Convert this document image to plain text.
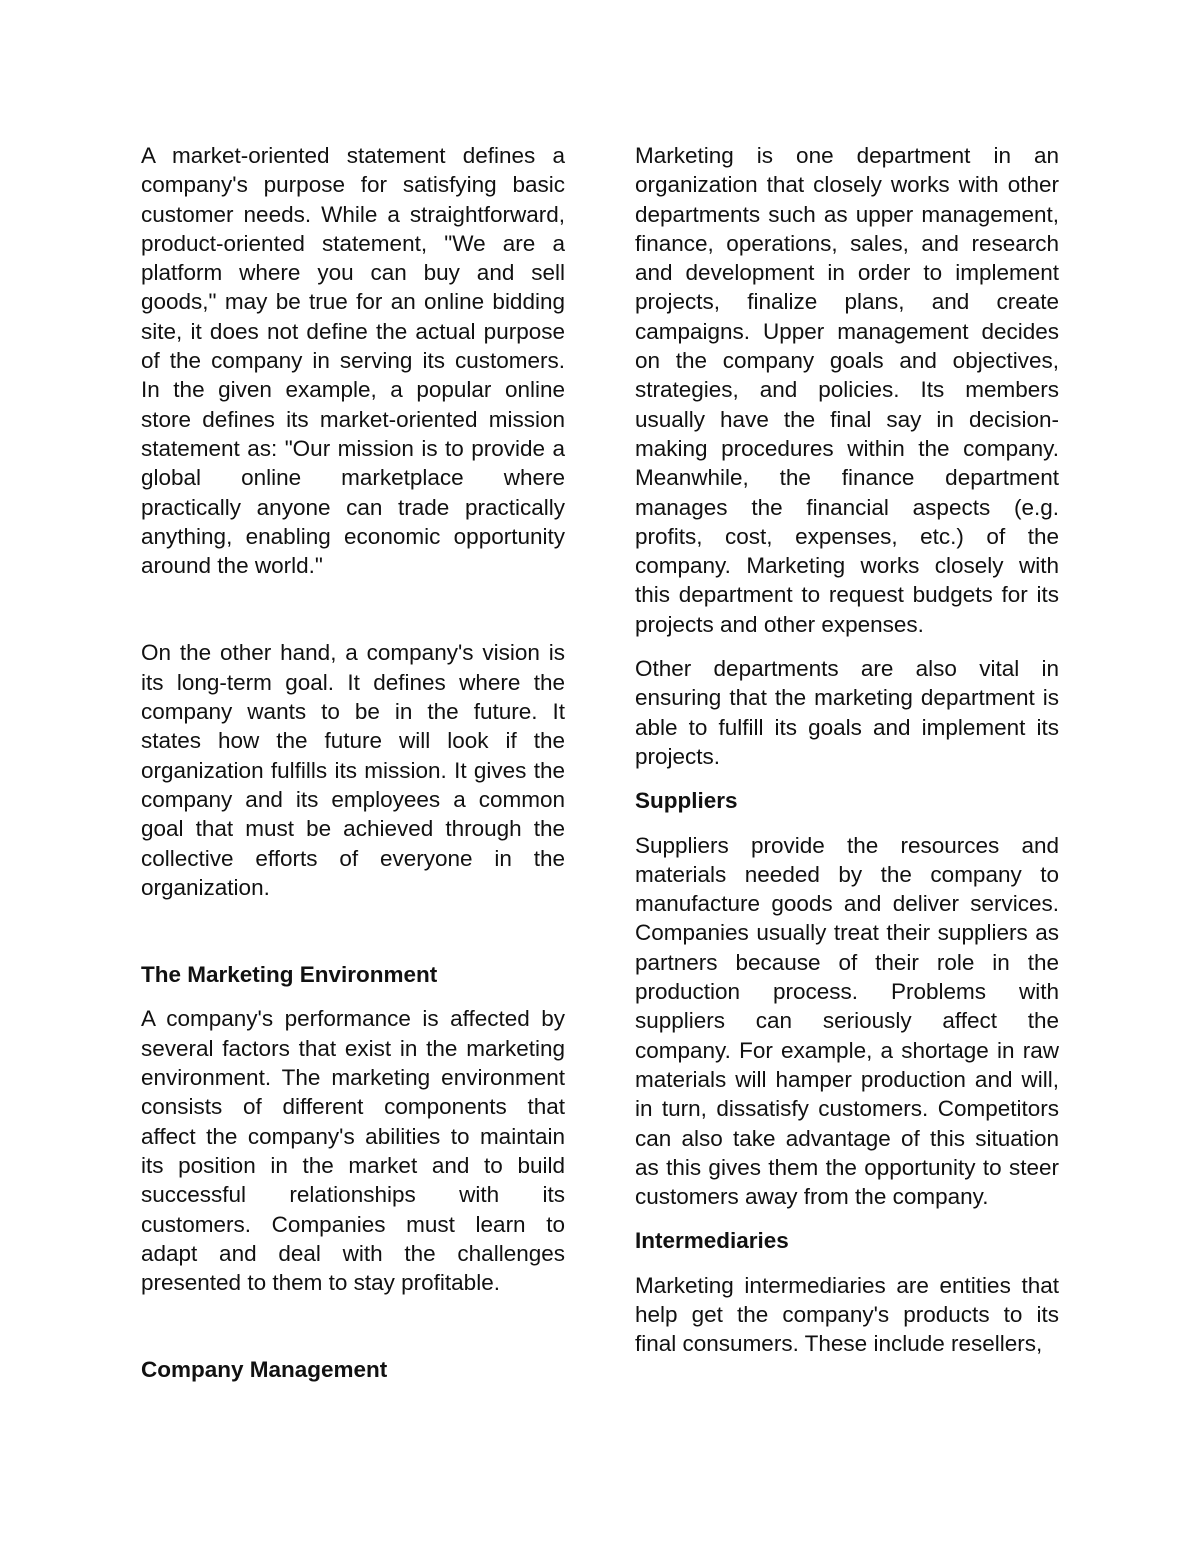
A market-oriented statement defines a company's purpose for satisfying basic customer needs. While a straightforward, product-oriented statement, "We are a platform where you can buy and sell goods," may be true for an online bidding site, it does not define the actual purpose of the company in serving its customers. In the given example, a popular online store defines its market-oriented mission statement as: "Our mission is to provide a global online marketplace where practically anyone can trade practically anything, enabling economic opportunity around the world."

On the other hand, a company's vision is its long-term goal. It defines where the company wants to be in the future. It states how the future will look if the organization fulfills its mission. It gives the company and its employees a common goal that must be achieved through the collective efforts of everyone in the organization.

The Marketing Environment

A company's performance is affected by several factors that exist in the marketing environment. The marketing environment consists of different components that affect the company's abilities to maintain its position in the market and to build successful relationships with its customers. Companies must learn to adapt and deal with the challenges presented to them to stay profitable.

Company Management

Marketing is one department in an organization that closely works with other departments such as upper management, finance, operations, sales, and research and development in order to implement projects, finalize plans, and create campaigns. Upper management decides on the company goals and objectives, strategies, and policies. Its members usually have the final say in decision-making procedures within the company. Meanwhile, the finance department manages the financial aspects (e.g. profits, cost, expenses, etc.) of the company. Marketing works closely with this department to request budgets for its projects and other expenses.

Other departments are also vital in ensuring that the marketing department is able to fulfill its goals and implement its projects.

Suppliers

Suppliers provide the resources and materials needed by the company to manufacture goods and deliver services. Companies usually treat their suppliers as partners because of their role in the production process. Problems with suppliers can seriously affect the company. For example, a shortage in raw materials will hamper production and will, in turn, dissatisfy customers. Competitors can also take advantage of this situation as this gives them the opportunity to steer customers away from the company.

Intermediaries

Marketing intermediaries are entities that help get the company's products to its final consumers. These include resellers,
